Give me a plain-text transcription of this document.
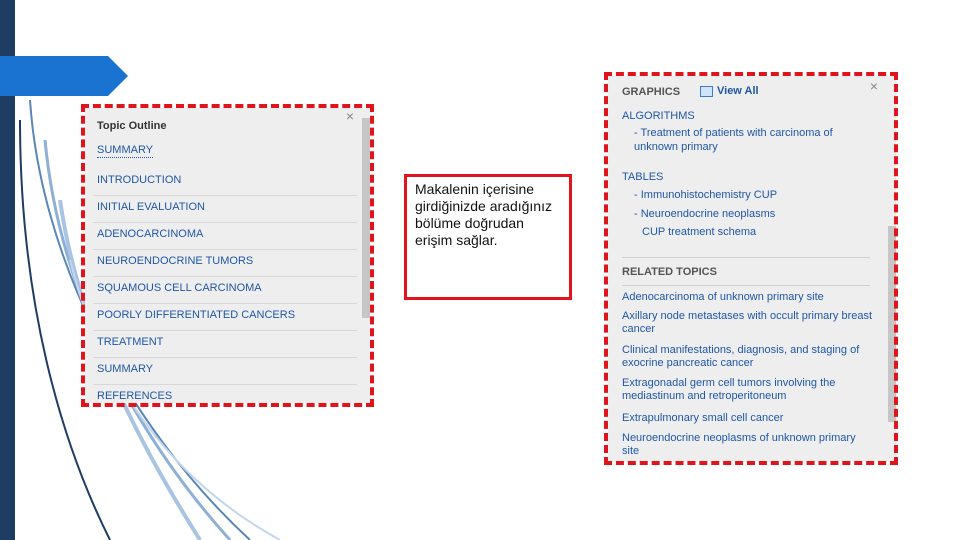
×
Topic Outline
SUMMARY
INTRODUCTION
INITIAL EVALUATION
ADENOCARCINOMA
NEUROENDOCRINE TUMORS
SQUAMOUS CELL CARCINOMA
POORLY DIFFERENTIATED CANCERS
TREATMENT
SUMMARY
REFERENCES
Makalenin içerisine girdiğinizde aradığınız bölüme doğrudan erişim sağlar.
×
GRAPHICS	View All
ALGORITHMS
- Treatment of patients with carcinoma of unknown primary
TABLES
- Immunohistochemistry CUP
- Neuroendocrine neoplasms
CUP treatment schema
RELATED TOPICS
Adenocarcinoma of unknown primary site
Axillary node metastases with occult primary breast cancer
Clinical manifestations, diagnosis, and staging of exocrine pancreatic cancer
Extragonadal germ cell tumors involving the mediastinum and retroperitoneum
Extrapulmonary small cell cancer
Neuroendocrine neoplasms of unknown primary site
